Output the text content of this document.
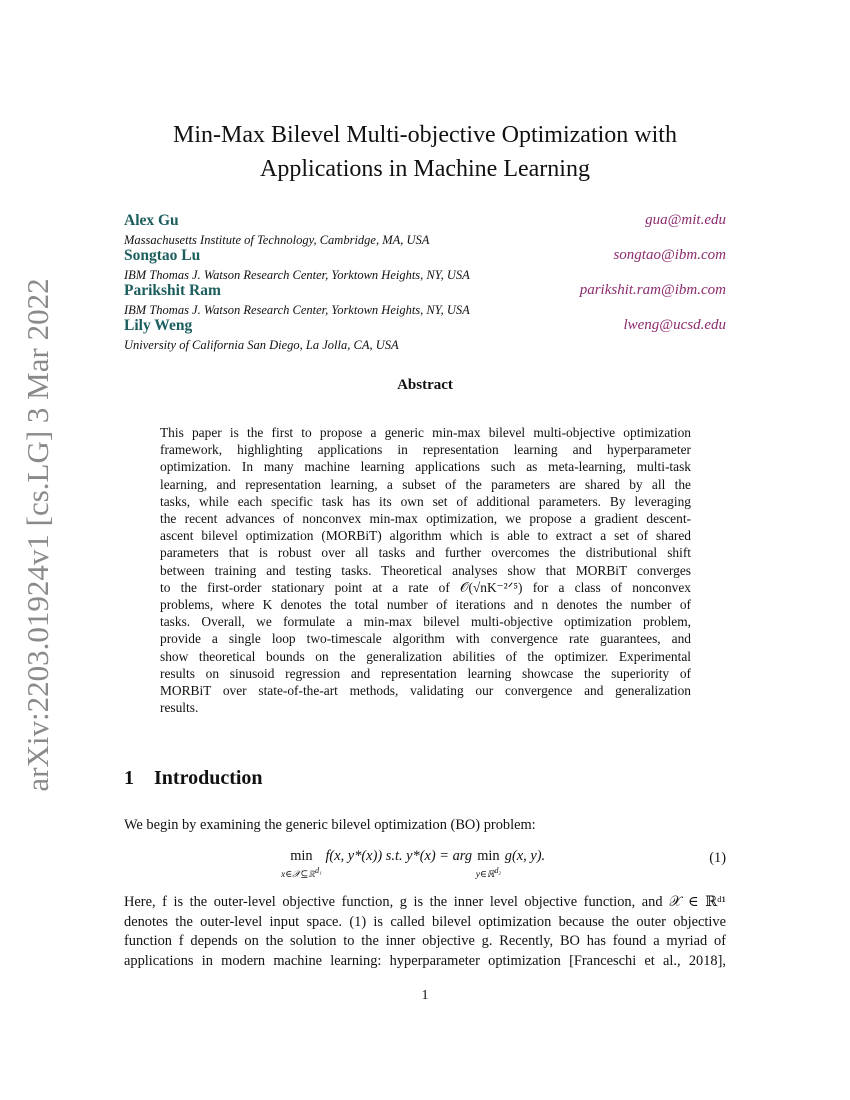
arXiv:2203.01924v1 [cs.LG] 3 Mar 2022
Min-Max Bilevel Multi-objective Optimization with
Applications in Machine Learning
Alex Gu	gua@mit.edu
Massachusetts Institute of Technology, Cambridge, MA, USA
Songtao Lu	songtao@ibm.com
IBM Thomas J. Watson Research Center, Yorktown Heights, NY, USA
Parikshit Ram	parikshit.ram@ibm.com
IBM Thomas J. Watson Research Center, Yorktown Heights, NY, USA
Lily Weng	lweng@ucsd.edu
University of California San Diego, La Jolla, CA, USA
Abstract
This paper is the first to propose a generic min-max bilevel multi-objective optimization
framework, highlighting applications in representation learning and hyperparameter
optimization. In many machine learning applications such as meta-learning, multi-task
learning, and representation learning, a subset of the parameters are shared by all the
tasks, while each specific task has its own set of additional parameters. By leveraging
the recent advances of nonconvex min-max optimization, we propose a gradient descent-
ascent bilevel optimization (MORBiT) algorithm which is able to extract a set of shared
parameters that is robust over all tasks and further overcomes the distributional shift
between training and testing tasks. Theoretical analyses show that MORBiT converges
to the first-order stationary point at a rate of 𝒪(√nK⁻²ᐟ⁵) for a class of nonconvex
problems, where K denotes the total number of iterations and n denotes the number of
tasks. Overall, we formulate a min-max bilevel multi-objective optimization problem,
provide a single loop two-timescale algorithm with convergence rate guarantees, and
show theoretical bounds on the generalization abilities of the optimizer. Experimental
results on sinusoid regression and representation learning showcase the superiority of
MORBiT over state-of-the-art methods, validating our convergence and generalization
results.
1 Introduction
We begin by examining the generic bilevel optimization (BO) problem:
min
x∈𝒳⊆ℝ$^{d_1}$
f(x, y*(x)) s.t. y*(x) = arg min
y∈ℝ$^{d_2}$
g(x, y).	(1)
Here, f is the outer-level objective function, g is the inner level objective function, and 𝒳 ∈ ℝᵈ¹
denotes the outer-level input space. (1) is called bilevel optimization because the outer objective
function f depends on the solution to the inner objective g. Recently, BO has found a myriad of
applications in modern machine learning: hyperparameter optimization [Franceschi et al., 2018],
1
